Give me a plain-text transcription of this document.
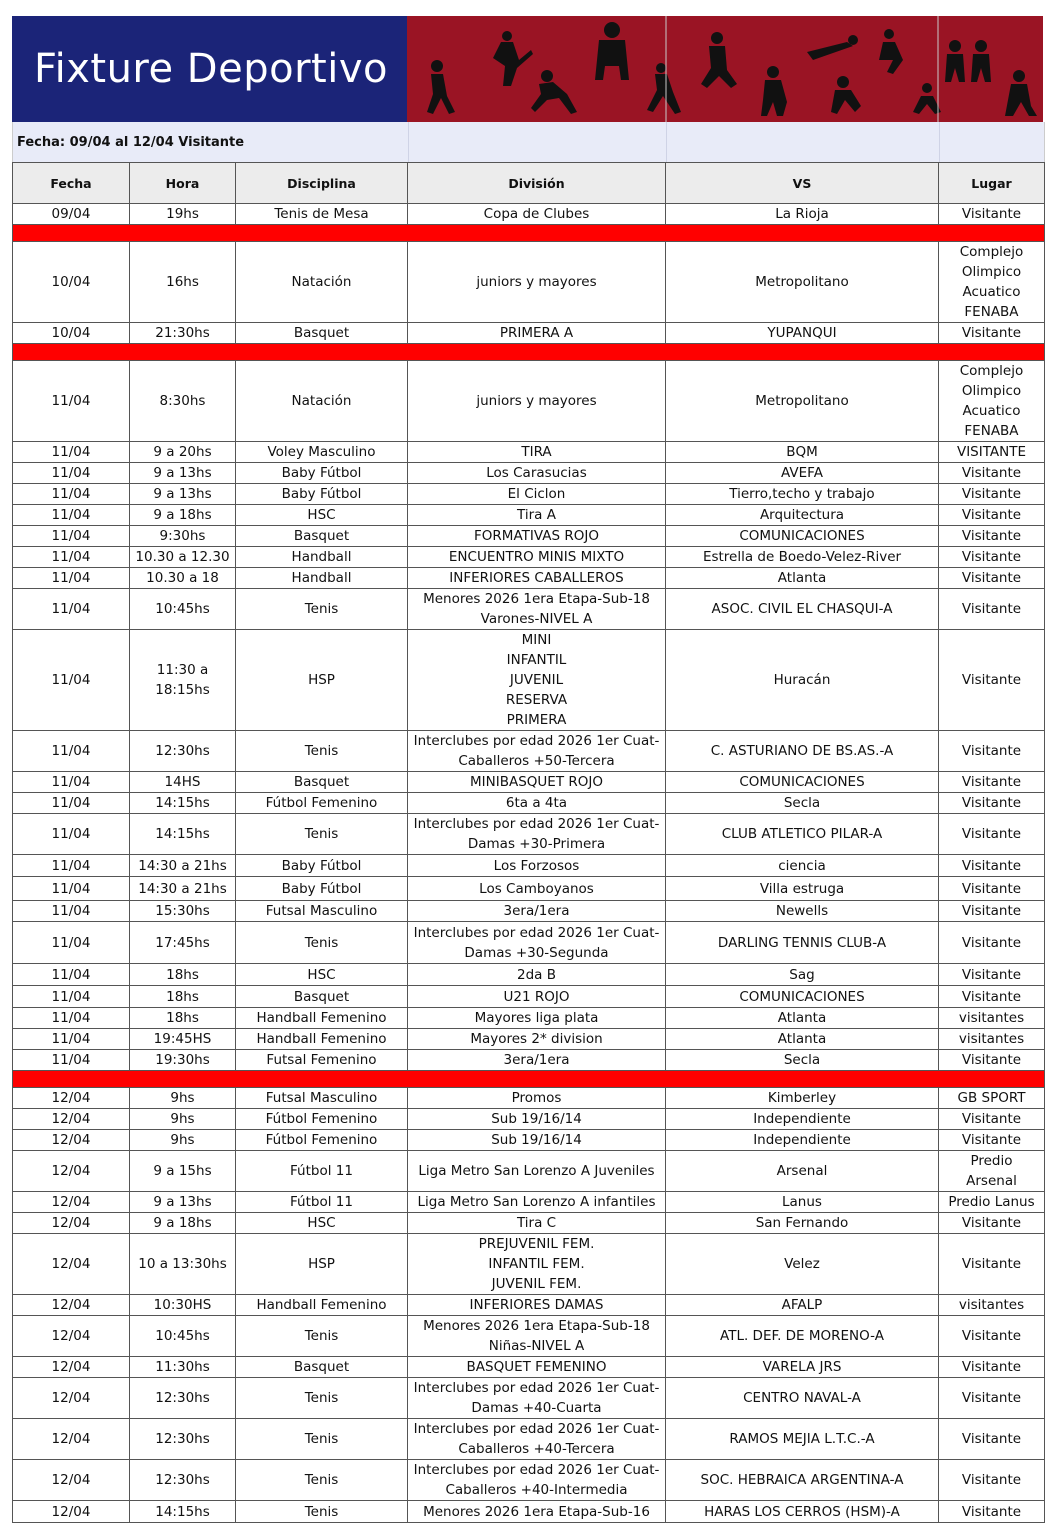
Fixture Deportivo
Fecha: 09/04 al 12/04 Visitante
Fecha	Hora	Disciplina	División	VS	Lugar
09/04	19hs	Tenis de Mesa	Copa de Clubes	La Rioja	Visitante

10/04	16hs	Natación	juniors y mayores	Metropolitano	Complejo
Olimpico
Acuatico
FENABA
10/04	21:30hs	Basquet	PRIMERA A	YUPANQUI	Visitante

11/04	8:30hs	Natación	juniors y mayores	Metropolitano	Complejo
Olimpico
Acuatico
FENABA
11/04	9 a 20hs	Voley Masculino	TIRA	BQM	VISITANTE
11/04	9 a 13hs	Baby Fútbol	Los Carasucias	AVEFA	Visitante
11/04	9 a 13hs	Baby Fútbol	El Ciclon	Tierro,techo y trabajo	Visitante
11/04	9 a 18hs	HSC	Tira A	Arquitectura	Visitante
11/04	9:30hs	Basquet	FORMATIVAS ROJO	COMUNICACIONES	Visitante
11/04	10.30 a 12.30	Handball	ENCUENTRO MINIS MIXTO	Estrella de Boedo-Velez-River	Visitante
11/04	10.30 a 18	Handball	INFERIORES CABALLEROS	Atlanta	Visitante
11/04	10:45hs	Tenis	Menores 2026 1era Etapa-Sub-18
Varones-NIVEL A	ASOC. CIVIL EL CHASQUI-A	Visitante
11/04	11:30 a 18:15hs	HSP	MINI
INFANTIL
JUVENIL
RESERVA
PRIMERA	Huracán	Visitante
11/04	12:30hs	Tenis	Interclubes por edad 2026 1er Cuat-
Caballeros +50-Tercera	C. ASTURIANO DE BS.AS.-A	Visitante
11/04	14HS	Basquet	MINIBASQUET ROJO	COMUNICACIONES	Visitante
11/04	14:15hs	Fútbol Femenino	6ta a 4ta	Secla	Visitante
11/04	14:15hs	Tenis	Interclubes por edad 2026 1er Cuat-
Damas +30-Primera	CLUB ATLETICO PILAR-A	Visitante
11/04	14:30 a 21hs	Baby Fútbol	Los Forzosos	ciencia	Visitante
11/04	14:30 a 21hs	Baby Fútbol	Los Camboyanos	Villa estruga	Visitante
11/04	15:30hs	Futsal Masculino	3era/1era	Newells	Visitante
11/04	17:45hs	Tenis	Interclubes por edad 2026 1er Cuat-
Damas +30-Segunda	DARLING TENNIS CLUB-A	Visitante
11/04	18hs	HSC	2da B	Sag	Visitante
11/04	18hs	Basquet	U21 ROJO	COMUNICACIONES	Visitante
11/04	18hs	Handball Femenino	Mayores liga plata	Atlanta	visitantes
11/04	19:45HS	Handball Femenino	Mayores 2* division	Atlanta	visitantes
11/04	19:30hs	Futsal Femenino	3era/1era	Secla	Visitante

12/04	9hs	Futsal Masculino	Promos	Kimberley	GB SPORT
12/04	9hs	Fútbol Femenino	Sub 19/16/14	Independiente	Visitante
12/04	9hs	Fútbol Femenino	Sub 19/16/14	Independiente	Visitante
12/04	9 a 15hs	Fútbol 11	Liga Metro San Lorenzo A Juveniles	Arsenal	Predio
Arsenal
12/04	9 a 13hs	Fútbol 11	Liga Metro San Lorenzo A infantiles	Lanus	Predio Lanus
12/04	9 a 18hs	HSC	Tira C	San Fernando	Visitante
12/04	10 a 13:30hs	HSP	PREJUVENIL FEM.
INFANTIL FEM.
JUVENIL FEM.	Velez	Visitante
12/04	10:30HS	Handball Femenino	INFERIORES DAMAS	AFALP	visitantes
12/04	10:45hs	Tenis	Menores 2026 1era Etapa-Sub-18
Niñas-NIVEL A	ATL. DEF. DE MORENO-A	Visitante
12/04	11:30hs	Basquet	BASQUET FEMENINO	VARELA JRS	Visitante
12/04	12:30hs	Tenis	Interclubes por edad 2026 1er Cuat-
Damas +40-Cuarta	CENTRO NAVAL-A	Visitante
12/04	12:30hs	Tenis	Interclubes por edad 2026 1er Cuat-
Caballeros +40-Tercera	RAMOS MEJIA L.T.C.-A	Visitante
12/04	12:30hs	Tenis	Interclubes por edad 2026 1er Cuat-
Caballeros +40-Intermedia	SOC. HEBRAICA ARGENTINA-A	Visitante
12/04	14:15hs	Tenis	Menores 2026 1era Etapa-Sub-16	HARAS LOS CERROS (HSM)-A	Visitante
